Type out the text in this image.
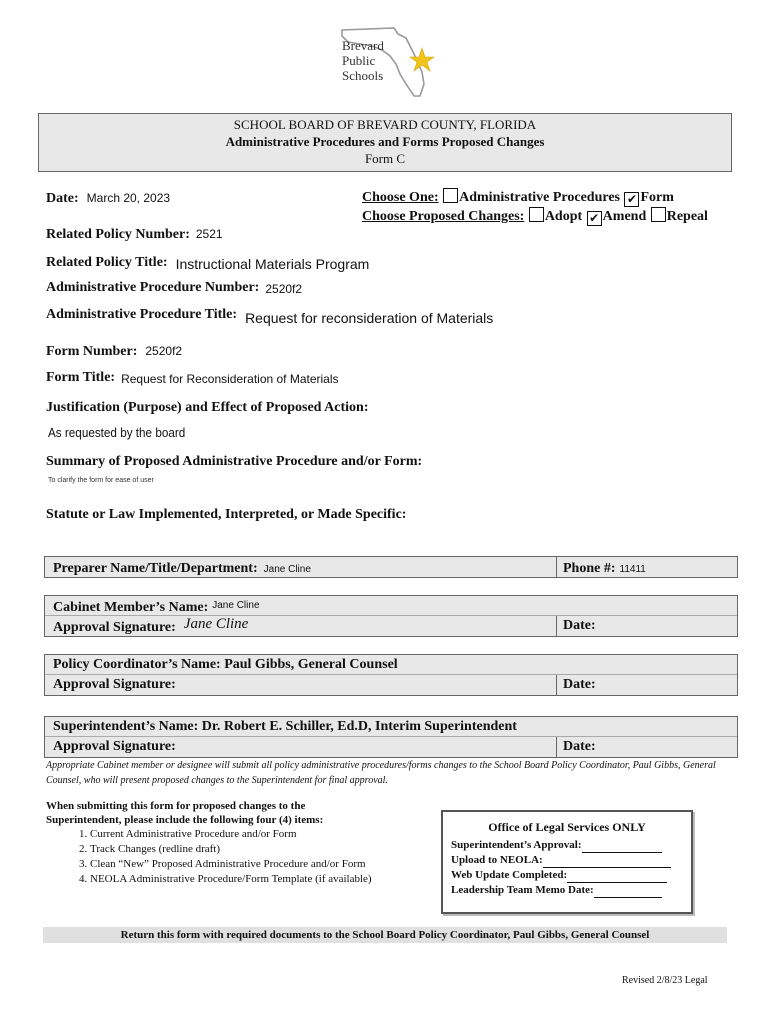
Brevard
Public
Schools
SCHOOL BOARD OF BREVARD COUNTY, FLORIDA
Administrative Procedures and Forms Proposed Changes
Form C
Date: March 20, 2023	Choose One: Administrative Procedures ✔ Form
Choose Proposed Changes: Adopt ✔ Amend Repeal
Related Policy Number: 2521
Related Policy Title: Instructional Materials Program
Administrative Procedure Number: 2520f2
Administrative Procedure Title: Request for reconsideration of Materials
Form Number: 2520f2
Form Title: Request for Reconsideration of Materials
Justification (Purpose) and Effect of Proposed Action:
As requested by the board
Summary of Proposed Administrative Procedure and/or Form:
To clarify the form for ease of user
Statute or Law Implemented, Interpreted, or Made Specific:
Preparer Name/Title/Department: Jane Cline	Phone #: 11411
Cabinet Member’s Name: Jane Cline
Approval Signature: Jane Cline	Date:
Policy Coordinator’s Name: Paul Gibbs, General Counsel
Approval Signature:	Date:
Superintendent’s Name: Dr. Robert E. Schiller, Ed.D, Interim Superintendent
Approval Signature:	Date:
Appropriate Cabinet member or designee will submit all policy administrative procedures/forms changes to the School Board Policy Coordinator, Paul Gibbs, General Counsel, who will present proposed changes to the Superintendent for final approval.
When submitting this form for proposed changes to the Superintendent, please include the following four (4) items:
1. Current Administrative Procedure and/or Form
2. Track Changes (redline draft)
3. Clean “New” Proposed Administrative Procedure and/or Form
4. NEOLA Administrative Procedure/Form Template (if available)
Office of Legal Services ONLY
Superintendent’s Approval:
Upload to NEOLA:
Web Update Completed:
Leadership Team Memo Date:
Return this form with required documents to the School Board Policy Coordinator, Paul Gibbs, General Counsel
Revised 2/8/23 Legal
